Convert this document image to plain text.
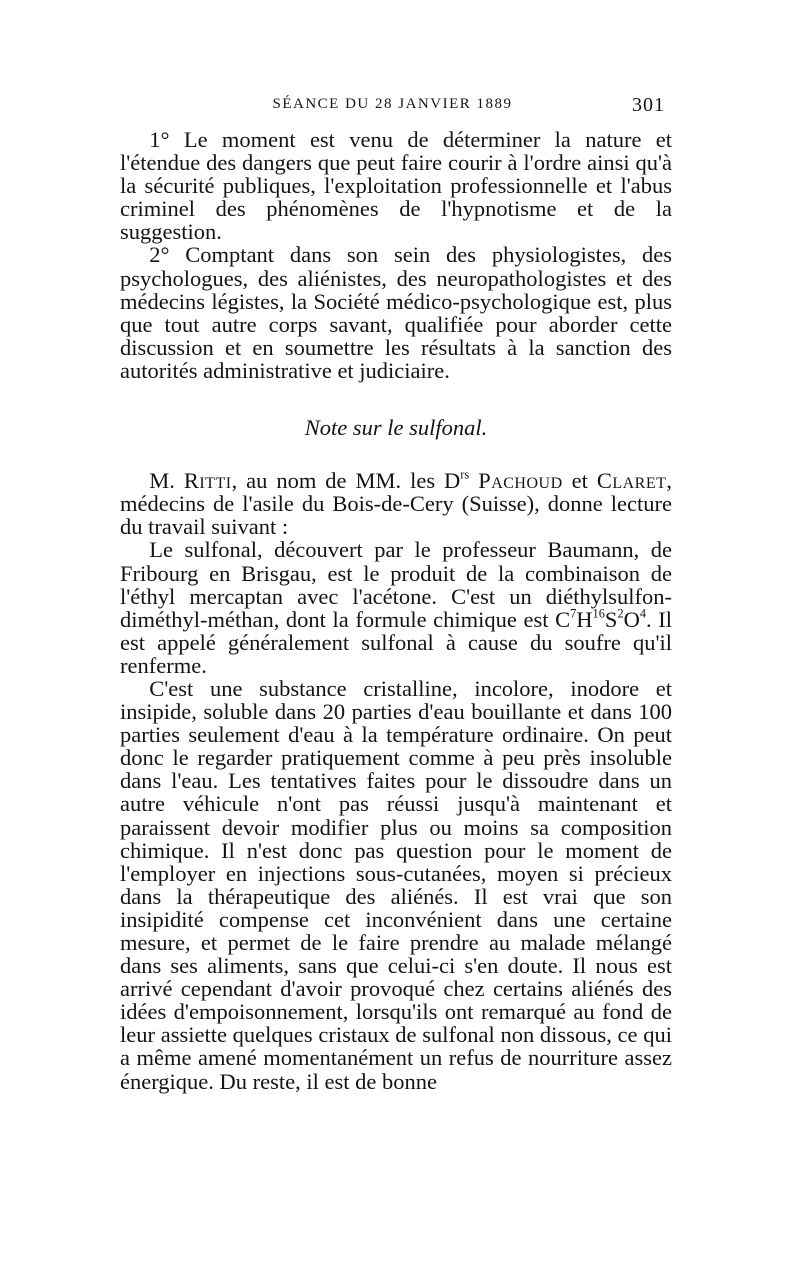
SÉANCE DU 28 JANVIER 1889	301

1° Le moment est venu de déterminer la nature et l'étendue des dangers que peut faire courir à l'ordre ainsi qu'à la sécurité publiques, l'exploitation professionnelle et l'abus criminel des phénomènes de l'hypnotisme et de la suggestion.

2° Comptant dans son sein des physiologistes, des psychologues, des aliénistes, des neuropathologistes et des médecins légistes, la Société médico-psychologique est, plus que tout autre corps savant, qualifiée pour aborder cette discussion et en soumettre les résultats à la sanction des autorités administrative et judiciaire.

Note sur le sulfonal.

M. Ritti, au nom de MM. les $D^{rs}$ Pachoud et Claret, médecins de l'asile du Bois-de-Cery (Suisse), donne lecture du travail suivant :

Le sulfonal, découvert par le professeur Baumann, de Fribourg en Brisgau, est le produit de la combinaison de l'éthyl mercaptan avec l'acétone. C'est un diéthylsulfon-diméthyl-méthan, dont la formule chimique est $C^7H^{16}S^2O^4$. Il est appelé généralement sulfonal à cause du soufre qu'il renferme.

C'est une substance cristalline, incolore, inodore et insipide, soluble dans 20 parties d'eau bouillante et dans 100 parties seulement d'eau à la température ordinaire. On peut donc le regarder pratiquement comme à peu près insoluble dans l'eau. Les tentatives faites pour le dissoudre dans un autre véhicule n'ont pas réussi jusqu'à maintenant et paraissent devoir modifier plus ou moins sa composition chimique. Il n'est donc pas question pour le moment de l'employer en injections sous-cutanées, moyen si précieux dans la thérapeutique des aliénés. Il est vrai que son insipidité compense cet inconvénient dans une certaine mesure, et permet de le faire prendre au malade mélangé dans ses aliments, sans que celui-ci s'en doute. Il nous est arrivé cependant d'avoir provoqué chez certains aliénés des idées d'empoisonnement, lorsqu'ils ont remarqué au fond de leur assiette quelques cristaux de sulfonal non dissous, ce qui a même amené momentanément un refus de nourriture assez énergique. Du reste, il est de bonne
